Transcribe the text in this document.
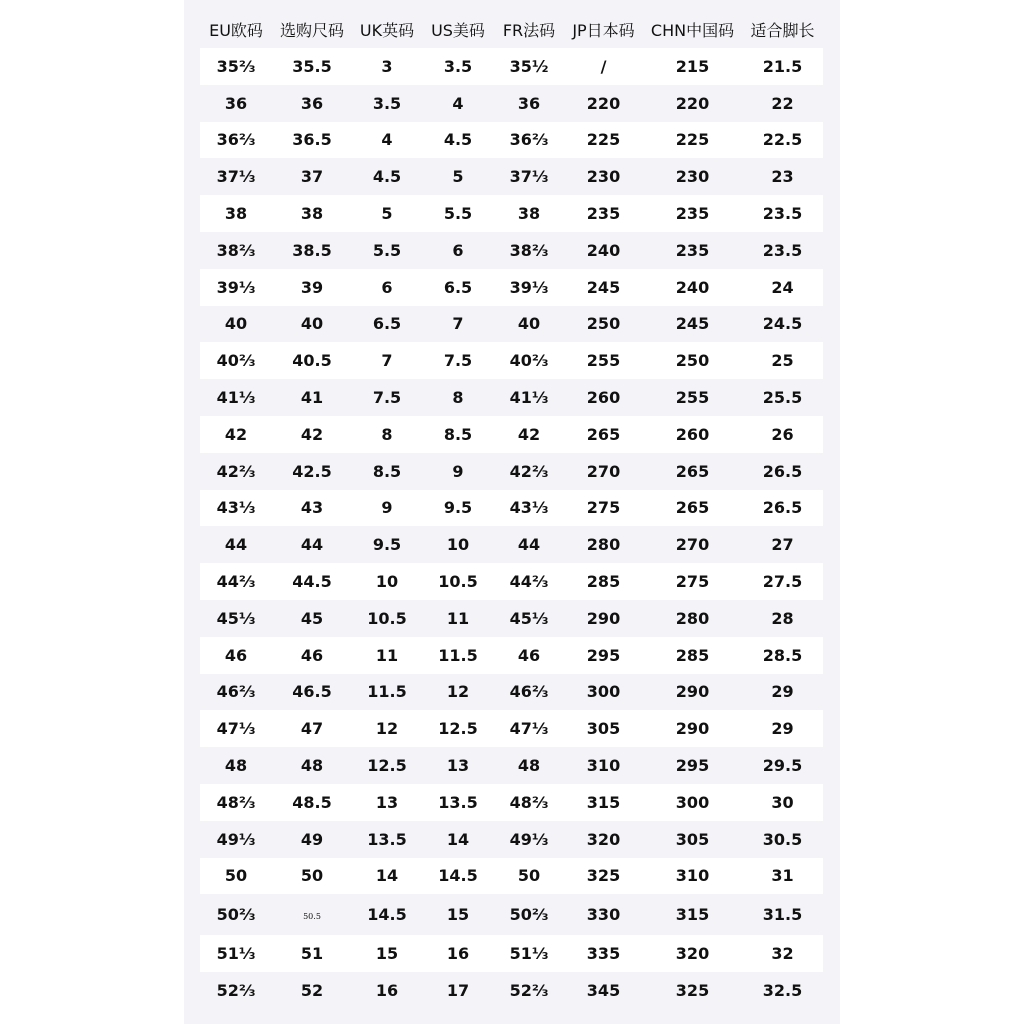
EU欧码	选购尺码	UK英码	US美码	FR法码	JP日本码	CHN中国码	适合脚长
35⅔	35.5	3	3.5	35½	/	215	21.5
36	36	3.5	4	36	220	220	22
36⅔	36.5	4	4.5	36⅔	225	225	22.5
37⅓	37	4.5	5	37⅓	230	230	23
38	38	5	5.5	38	235	235	23.5
38⅔	38.5	5.5	6	38⅔	240	235	23.5
39⅓	39	6	6.5	39⅓	245	240	24
40	40	6.5	7	40	250	245	24.5
40⅔	40.5	7	7.5	40⅔	255	250	25
41⅓	41	7.5	8	41⅓	260	255	25.5
42	42	8	8.5	42	265	260	26
42⅔	42.5	8.5	9	42⅔	270	265	26.5
43⅓	43	9	9.5	43⅓	275	265	26.5
44	44	9.5	10	44	280	270	27
44⅔	44.5	10	10.5	44⅔	285	275	27.5
45⅓	45	10.5	11	45⅓	290	280	28
46	46	11	11.5	46	295	285	28.5
46⅔	46.5	11.5	12	46⅔	300	290	29
47⅓	47	12	12.5	47⅓	305	290	29
48	48	12.5	13	48	310	295	29.5
48⅔	48.5	13	13.5	48⅔	315	300	30
49⅓	49	13.5	14	49⅓	320	305	30.5
50	50	14	14.5	50	325	310	31
50⅔	50.5	14.5	15	50⅔	330	315	31.5
51⅓	51	15	16	51⅓	335	320	32
52⅔	52	16	17	52⅔	345	325	32.5
